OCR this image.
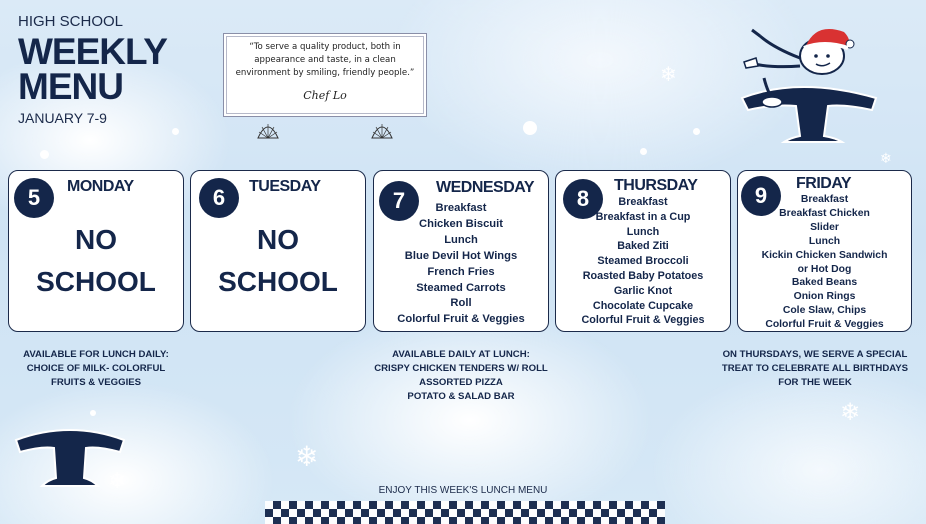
❄
❄
❄
❄
❄
HIGH SCHOOL
WEEKLY
MENU
JANUARY 7-9
“To serve a quality product, both in appearance and taste, in a clean environment by smiling, friendly people.”
Chef Lo
5	MONDAY
NO
SCHOOL
6	TUESDAY
NO
SCHOOL
7
WEDNESDAY
Breakfast
Chicken Biscuit
Lunch
Blue Devil Hot Wings
French Fries
Steamed Carrots
Roll
Colorful Fruit & Veggies
8
THURSDAY
Breakfast
Breakfast in a Cup
Lunch
Baked Ziti
Steamed Broccoli
Roasted Baby Potatoes
Garlic Knot
Chocolate Cupcake
Colorful Fruit & Veggies
9	FRIDAY
Breakfast
Breakfast Chicken
Slider
Lunch
Kickin Chicken Sandwich
or Hot Dog
Baked Beans
Onion Rings
Cole Slaw, Chips
Colorful Fruit & Veggies
AVAILABLE FOR LUNCH DAILY:
CHOICE OF MILK- COLORFUL
FRUITS & VEGGIES
AVAILABLE DAILY AT LUNCH:
CRISPY CHICKEN TENDERS W/ ROLL
ASSORTED PIZZA
POTATO & SALAD BAR
ON THURSDAYS, WE SERVE A SPECIAL
TREAT TO CELEBRATE ALL BIRTHDAYS
FOR THE WEEK
ENJOY THIS WEEK'S LUNCH MENU
